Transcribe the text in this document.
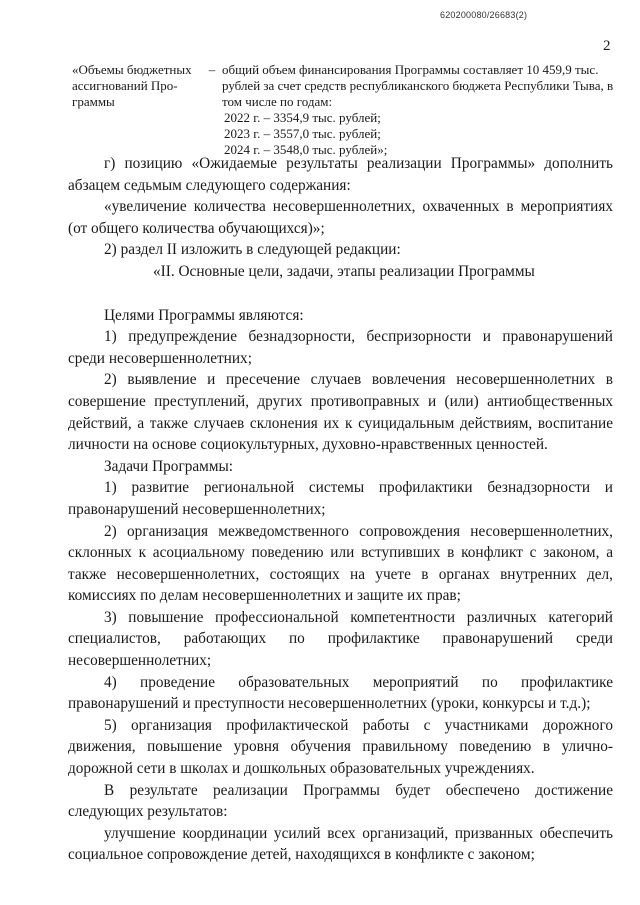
620200080/26683(2)
2
«Объемы бюджетных ассигнований Про-граммы
– общий объем финансирования Программы составляет 10 459,9 тыс. рублей за счет средств республиканского бюджета Республики Тыва, в том числе по годам:
2022 г. – 3354,9 тыс. рублей;
2023 г. – 3557,0 тыс. рублей;
2024 г. – 3548,0 тыс. рублей»;

г) позицию «Ожидаемые результаты реализации Программы» дополнить абзацем седьмым следующего содержания:

«увеличение количества несовершеннолетних, охваченных в мероприятиях (от общего количества обучающихся)»;

2) раздел II изложить в следующей редакции:

«II. Основные цели, задачи, этапы реализации Программы

Целями Программы являются:

1) предупреждение безнадзорности, беспризорности и правонарушений среди несовершеннолетних;

2) выявление и пресечение случаев вовлечения несовершеннолетних в совершение преступлений, других противоправных и (или) антиобщественных действий, а также случаев склонения их к суицидальным действиям, воспитание личности на основе социокультурных, духовно-нравственных ценностей.

Задачи Программы:

1) развитие региональной системы профилактики безнадзорности и правонарушений несовершеннолетних;

2) организация межведомственного сопровождения несовершеннолетних, склонных к асоциальному поведению или вступивших в конфликт с законом, а также несовершеннолетних, состоящих на учете в органах внутренних дел, комиссиях по делам несовершеннолетних и защите их прав;

3) повышение профессиональной компетентности различных категорий специалистов, работающих по профилактике правонарушений среди несовершеннолетних;

4) проведение образовательных мероприятий по профилактике правонарушений и преступности несовершеннолетних (уроки, конкурсы и т.д.);

5) организация профилактической работы с участниками дорожного движения, повышение уровня обучения правильному поведению в улично-дорожной сети в школах и дошкольных образовательных учреждениях.

В результате реализации Программы будет обеспечено достижение следующих результатов:

улучшение координации усилий всех организаций, призванных обеспечить социальное сопровождение детей, находящихся в конфликте с законом;
